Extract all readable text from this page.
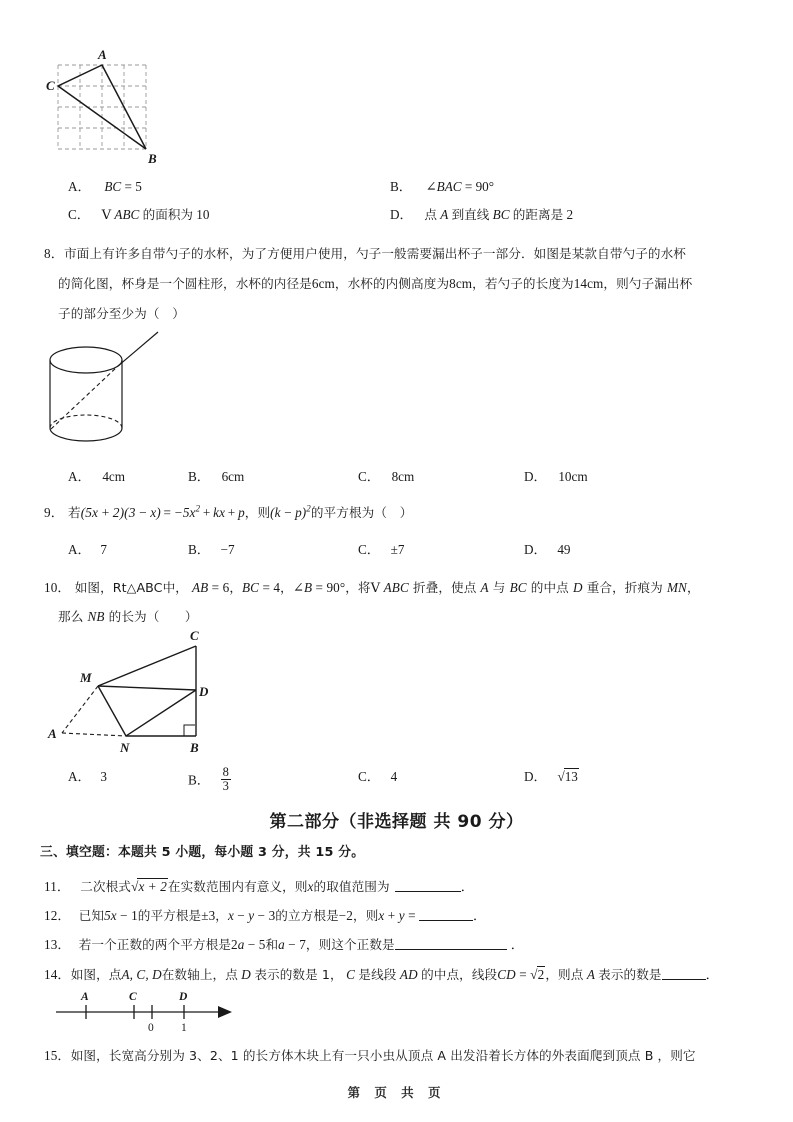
A
C
B
A． BC = 5	B． ∠BAC = 90°
C． Ⅴ ABC 的面积为 10	D． 点 A 到直线 BC 的距离是 2
8．市面上有许多自带勺子的水杯，为了方便用户使用，勺子一般需要漏出杯子一部分．如图是某款自带勺子的水杯
的简化图，杯身是一个圆柱形，水杯的内径是6cm，水杯的内侧高度为8cm，若勺子的长度为14cm，则勺子漏出杯
子的部分至少为（　）
A． 4cm	B． 6cm	C． 8cm	D． 10cm
9． 若$(5x + 2)(3 - x) = -5x^2$ + kx + p，则$(k - p)^2$的平方根为（　）
A． 7	B． −7	C． ±7	D． 49
10． 如图，Rt△ABC中， AB = 6，BC = 4，∠B = 90°，将Ⅴ ABC 折叠，使点 A 与 BC 的中点 D 重合，折痕为 MN，
那么 NB 的长为（　　）
C
D
B
M
N
A
A． 3	B． $\frac{8}{3}$	C． 4	D． √13
第二部分（非选择题 共 90 分）
三、填空题：本题共 5 小题，每小题 3 分，共 15 分。
11． 二次根式√x + 2在实数范围内有意义，则x的取值范围为	．
12． 已知5x − 1的平方根是±3，x − y − 3的立方根是−2，则x + y =	．
13． 若一个正数的两个平方根是2a − 5和a − 7，则这个正数是	．
14．如图，点A, C, D在数轴上，点 D 表示的数是 1， C 是线段 AD 的中点，线段CD = √2，则点 A 表示的数是	．
A	C	D
0 1
15．如图，长宽高分别为 3、2、1 的长方体木块上有一只小虫从顶点 A 出发沿着长方体的外表面爬到顶点 B ，则它
第 页 共 页
